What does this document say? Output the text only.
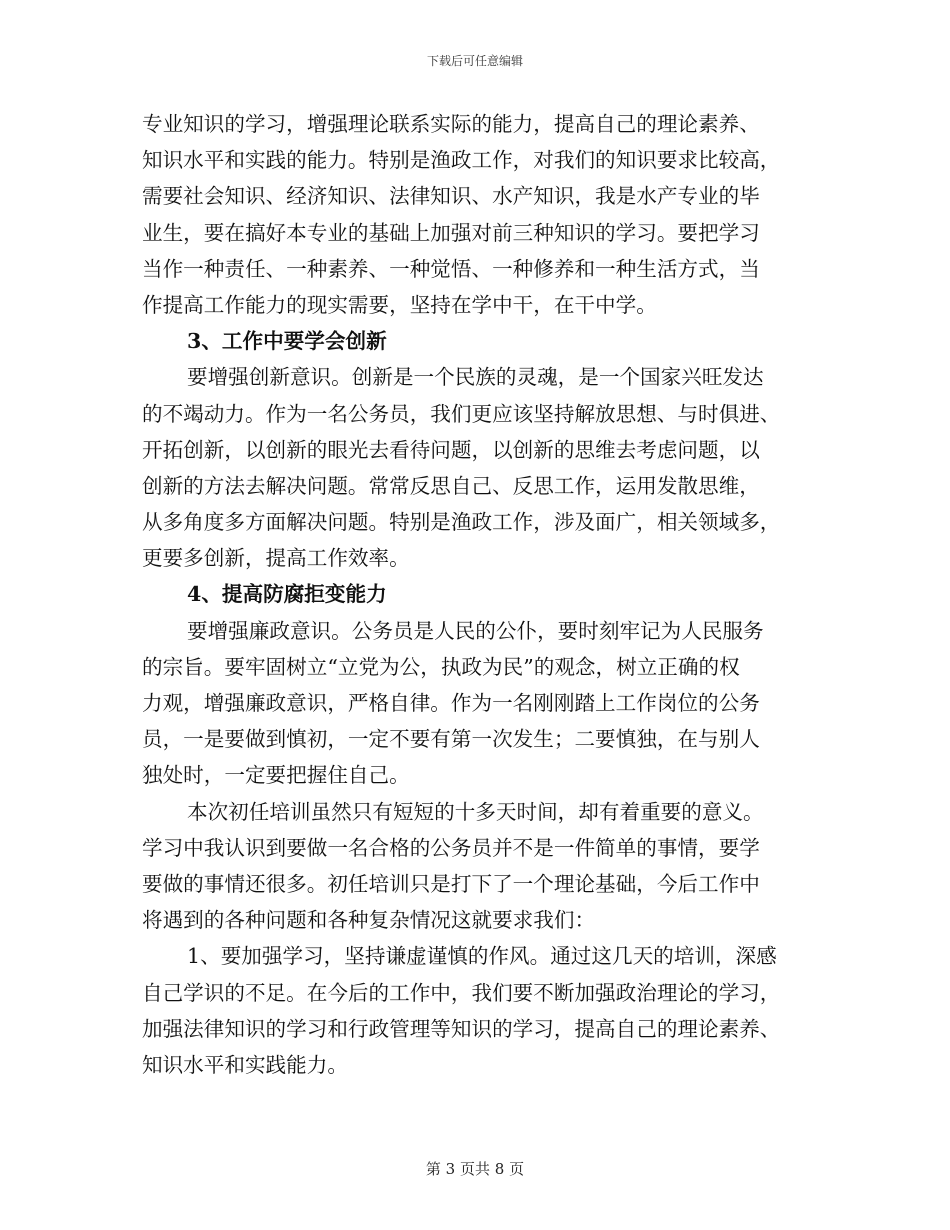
下载后可任意编辑
专业知识的学习，增强理论联系实际的能力，提高自己的理论素养、
知识水平和实践的能力。特别是渔政工作，对我们的知识要求比较高，
需要社会知识、经济知识、法律知识、水产知识，我是水产专业的毕
业生，要在搞好本专业的基础上加强对前三种知识的学习。要把学习
当作一种责任、一种素养、一种觉悟、一种修养和一种生活方式，当
作提高工作能力的现实需要，坚持在学中干，在干中学。
3、工作中要学会创新
要增强创新意识。创新是一个民族的灵魂，是一个国家兴旺发达
的不竭动力。作为一名公务员，我们更应该坚持解放思想、与时俱进、
开拓创新，以创新的眼光去看待问题，以创新的思维去考虑问题，以
创新的方法去解决问题。常常反思自己、反思工作，运用发散思维，
从多角度多方面解决问题。特别是渔政工作，涉及面广，相关领域多，
更要多创新，提高工作效率。
4、提高防腐拒变能力
要增强廉政意识。公务员是人民的公仆，要时刻牢记为人民服务
的宗旨。要牢固树立“立党为公，执政为民”的观念，树立正确的权
力观，增强廉政意识，严格自律。作为一名刚刚踏上工作岗位的公务
员，一是要做到慎初，一定不要有第一次发生；二要慎独，在与别人
独处时，一定要把握住自己。
本次初任培训虽然只有短短的十多天时间，却有着重要的意义。
学习中我认识到要做一名合格的公务员并不是一件简单的事情，要学
要做的事情还很多。初任培训只是打下了一个理论基础，今后工作中
将遇到的各种问题和各种复杂情况这就要求我们：
1、要加强学习，坚持谦虚谨慎的作风。通过这几天的培训，深感
自己学识的不足。在今后的工作中，我们要不断加强政治理论的学习，
加强法律知识的学习和行政管理等知识的学习，提高自己的理论素养、
知识水平和实践能力。
第 3 页共 8 页
